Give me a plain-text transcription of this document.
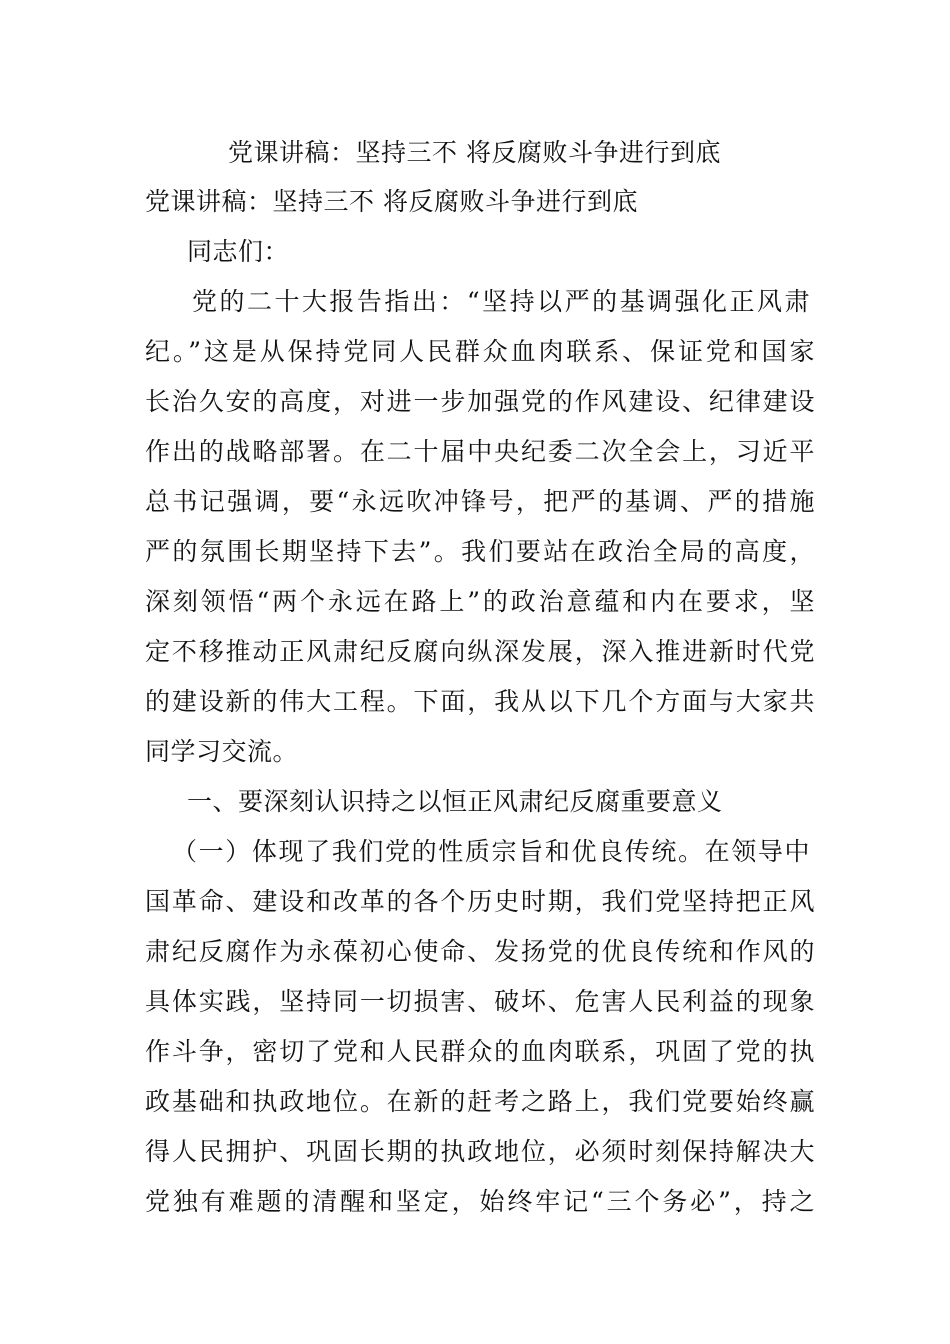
党课讲稿：坚持三不 将反腐败斗争进行到底
党课讲稿：坚持三不 将反腐败斗争进行到底
同志们：
党的二十大报告指出：“坚持以严的基调强化正风肃
纪。”这是从保持党同人民群众血肉联系、保证党和国家
长治久安的高度，对进一步加强党的作风建设、纪律建设
作出的战略部署。在二十届中央纪委二次全会上，习近平
总书记强调，要“永远吹冲锋号，把严的基调、严的措施
严的氛围长期坚持下去”。我们要站在政治全局的高度，
深刻领悟“两个永远在路上”的政治意蕴和内在要求，坚
定不移推动正风肃纪反腐向纵深发展，深入推进新时代党
的建设新的伟大工程。下面，我从以下几个方面与大家共
同学习交流。
一、要深刻认识持之以恒正风肃纪反腐重要意义
（一）体现了我们党的性质宗旨和优良传统。在领导中
国革命、建设和改革的各个历史时期，我们党坚持把正风
肃纪反腐作为永葆初心使命、发扬党的优良传统和作风的
具体实践，坚持同一切损害、破坏、危害人民利益的现象
作斗争，密切了党和人民群众的血肉联系，巩固了党的执
政基础和执政地位。在新的赶考之路上，我们党要始终赢
得人民拥护、巩固长期的执政地位，必须时刻保持解决大
党独有难题的清醒和坚定，始终牢记“三个务必”，持之
